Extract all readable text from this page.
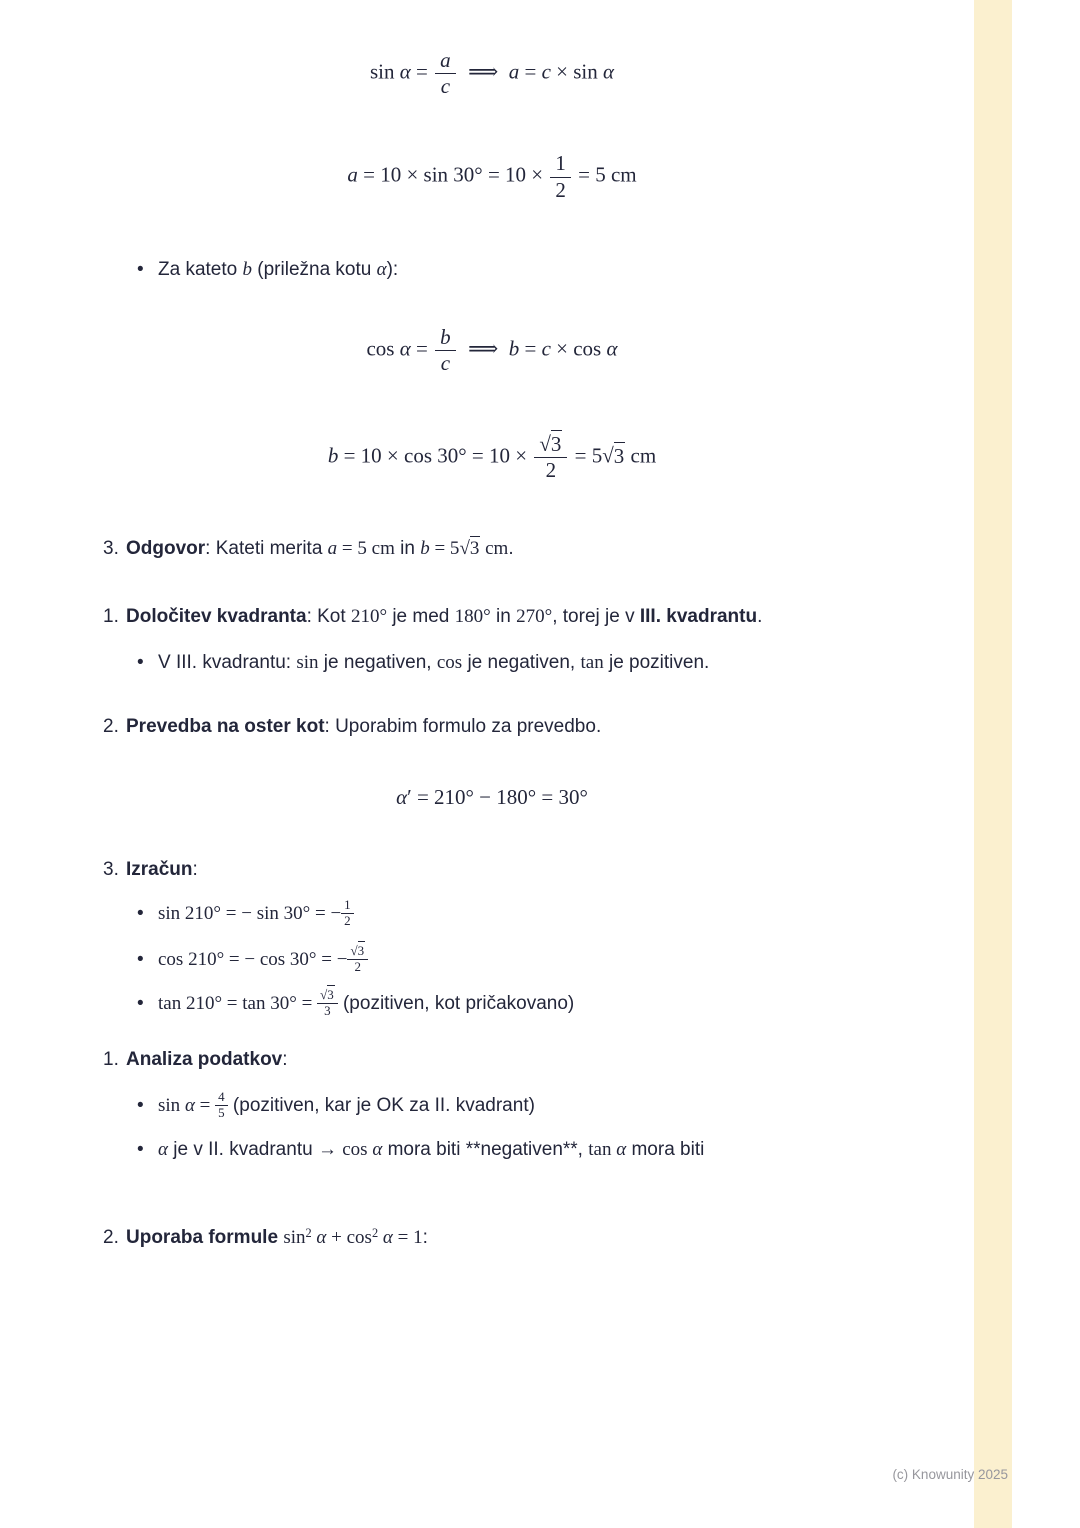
$\sin \alpha = \frac{a}{c}$ ⟹  a = c × sin α
$a = 10 \times \sin 30^\circ = 10 \times \frac{1}{2} = 5$ cm
• Za kateto b (priležna kotu α):
$\cos \alpha = \frac{b}{c}$ ⟹  b = c × cos α
$b = 10 \times \cos 30^\circ = 10 \times \frac{√3}{2} = 5√3$ cm
3. Odgovor: Kateti merita a = 5 cm in b = 5√3 cm.
1. Določitev kvadranta: Kot 210° je med 180° in 270°, torej je v III. kvadrantu.
• V III. kvadrantu: sin je negativen, cos je negativen, tan je pozitiven.
2. Prevedba na oster kot: Uporabim formulo za prevedbo.
α′ = 210° − 180° = 30°
3. Izračun:
• sin 210° = − sin 30° = − $\frac{1}{2}$
• cos 210° = − cos 30° = − $\frac{√3}{2}$
• $\tan 210^\circ = \tan 30^\circ = \frac{√3}{3}$ (pozitiven, kot pričakovano)
1. Analiza podatkov:
• $\sin \alpha = \frac{4}{5}$ (pozitiven, kar je OK za II. kvadrant)
• α je v II. kvadrantu → cos α mora biti **negativen**, tan α mora biti
2. Uporaba formule $\sin^2 \alpha + \cos^2 \alpha = 1$:
(c) Knowunity 2025
